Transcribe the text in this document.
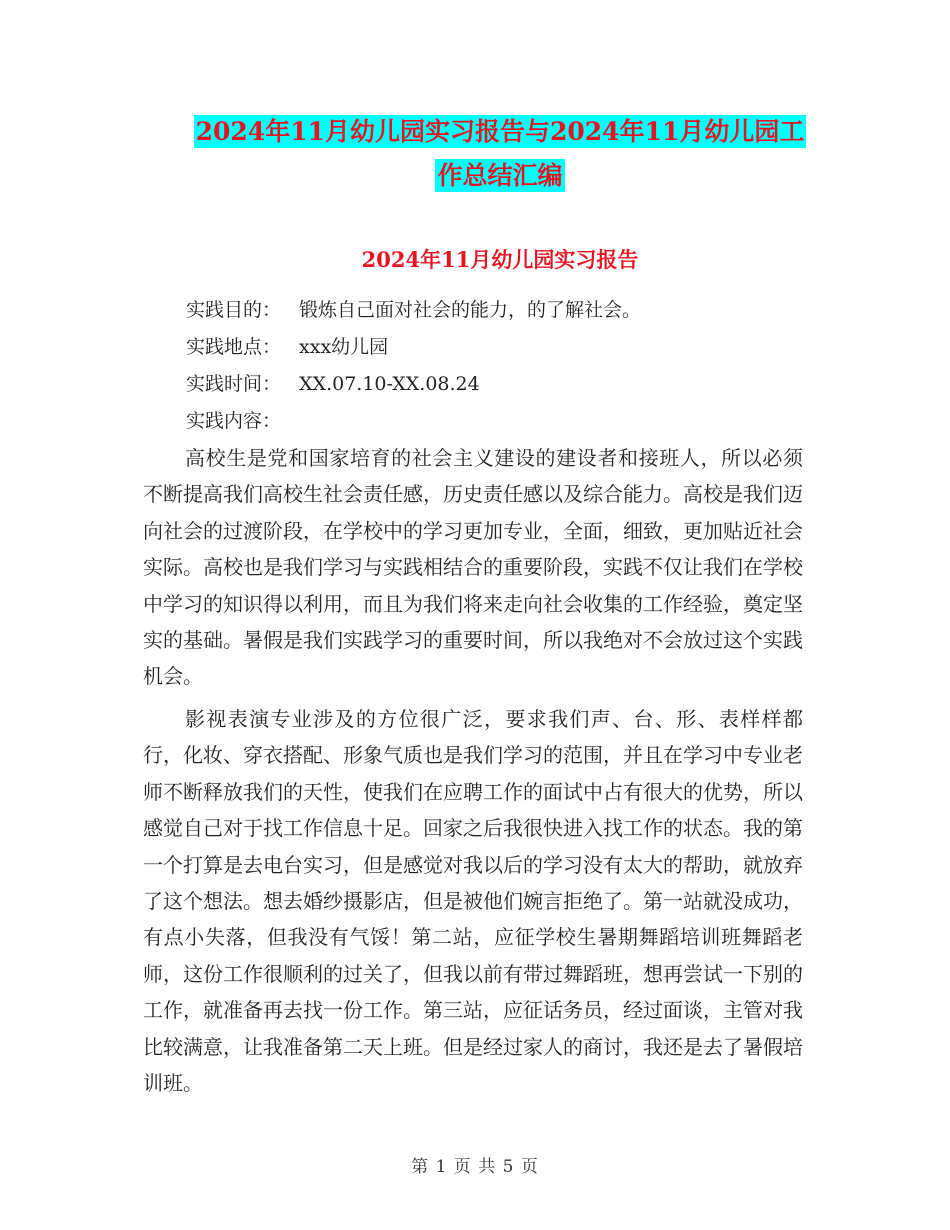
2024年11月幼儿园实习报告与2024年11月幼儿园工
作总结汇编
2024年11月幼儿园实习报告
实践目的： 锻炼自己面对社会的能力，的了解社会。
实践地点： xxx幼儿园
实践时间： XX.07.10-XX.08.24
实践内容：

高校生是党和国家培育的社会主义建设的建设者和接班人，所以必须不断提高我们高校生社会责任感，历史责任感以及综合能力。高校是我们迈向社会的过渡阶段，在学校中的学习更加专业，全面，细致，更加贴近社会实际。高校也是我们学习与实践相结合的重要阶段，实践不仅让我们在学校中学习的知识得以利用，而且为我们将来走向社会收集的工作经验，奠定坚实的基础。暑假是我们实践学习的重要时间，所以我绝对不会放过这个实践机会。

影视表演专业涉及的方位很广泛，要求我们声、台、形、表样样都行，化妆、穿衣搭配、形象气质也是我们学习的范围，并且在学习中专业老师不断释放我们的天性，使我们在应聘工作的面试中占有很大的优势，所以感觉自己对于找工作信息十足。回家之后我很快进入找工作的状态。我的第一个打算是去电台实习，但是感觉对我以后的学习没有太大的帮助，就放弃了这个想法。想去婚纱摄影店，但是被他们婉言拒绝了。第一站就没成功，有点小失落，但我没有气馁！第二站，应征学校生暑期舞蹈培训班舞蹈老师，这份工作很顺利的过关了，但我以前有带过舞蹈班，想再尝试一下别的工作，就准备再去找一份工作。第三站，应征话务员，经过面谈，主管对我比较满意，让我准备第二天上班。但是经过家人的商讨，我还是去了暑假培训班。

第 1 页 共 5 页
